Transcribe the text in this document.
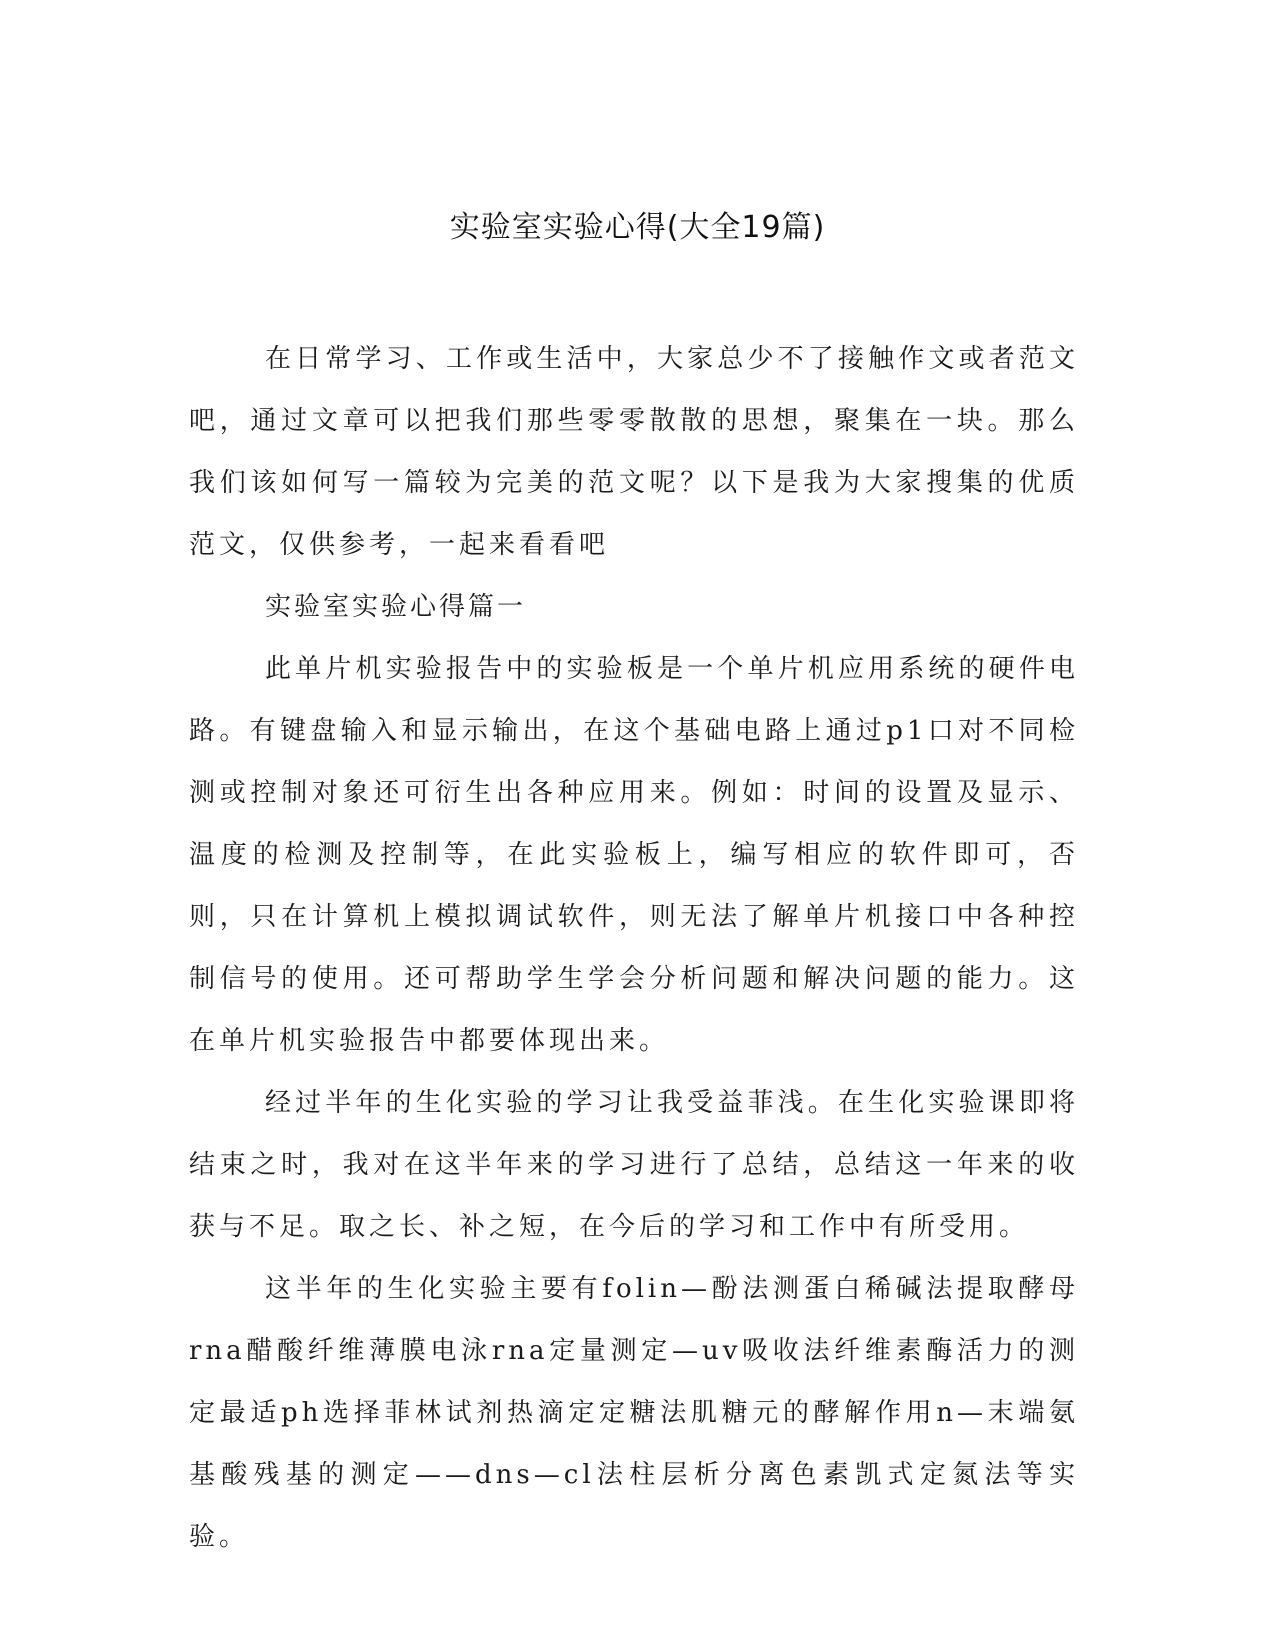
实验室实验心得(大全19篇)

在日常学习、工作或生活中，大家总少不了接触作文或者范文吧，通过文章可以把我们那些零零散散的思想，聚集在一块。那么我们该如何写一篇较为完美的范文呢？以下是我为大家搜集的优质范文，仅供参考，一起来看看吧

实验室实验心得篇一

此单片机实验报告中的实验板是一个单片机应用系统的硬件电路。有键盘输入和显示输出，在这个基础电路上通过p1口对不同检测或控制对象还可衍生出各种应用来。例如：时间的设置及显示、温度的检测及控制等，在此实验板上，编写相应的软件即可，否则，只在计算机上模拟调试软件，则无法了解单片机接口中各种控制信号的使用。还可帮助学生学会分析问题和解决问题的能力。这在单片机实验报告中都要体现出来。

经过半年的生化实验的学习让我受益菲浅。在生化实验课即将结束之时，我对在这半年来的学习进行了总结，总结这一年来的收获与不足。取之长、补之短，在今后的学习和工作中有所受用。

这半年的生化实验主要有folin—酚法测蛋白稀碱法提取酵母rna醋酸纤维薄膜电泳rna定量测定—uv吸收法纤维素酶活力的测定最适ph选择菲林试剂热滴定定糖法肌糖元的酵解作用n—末端氨基酸残基的测定——dns—cl法柱层析分离色素凯式定氮法等实验。
